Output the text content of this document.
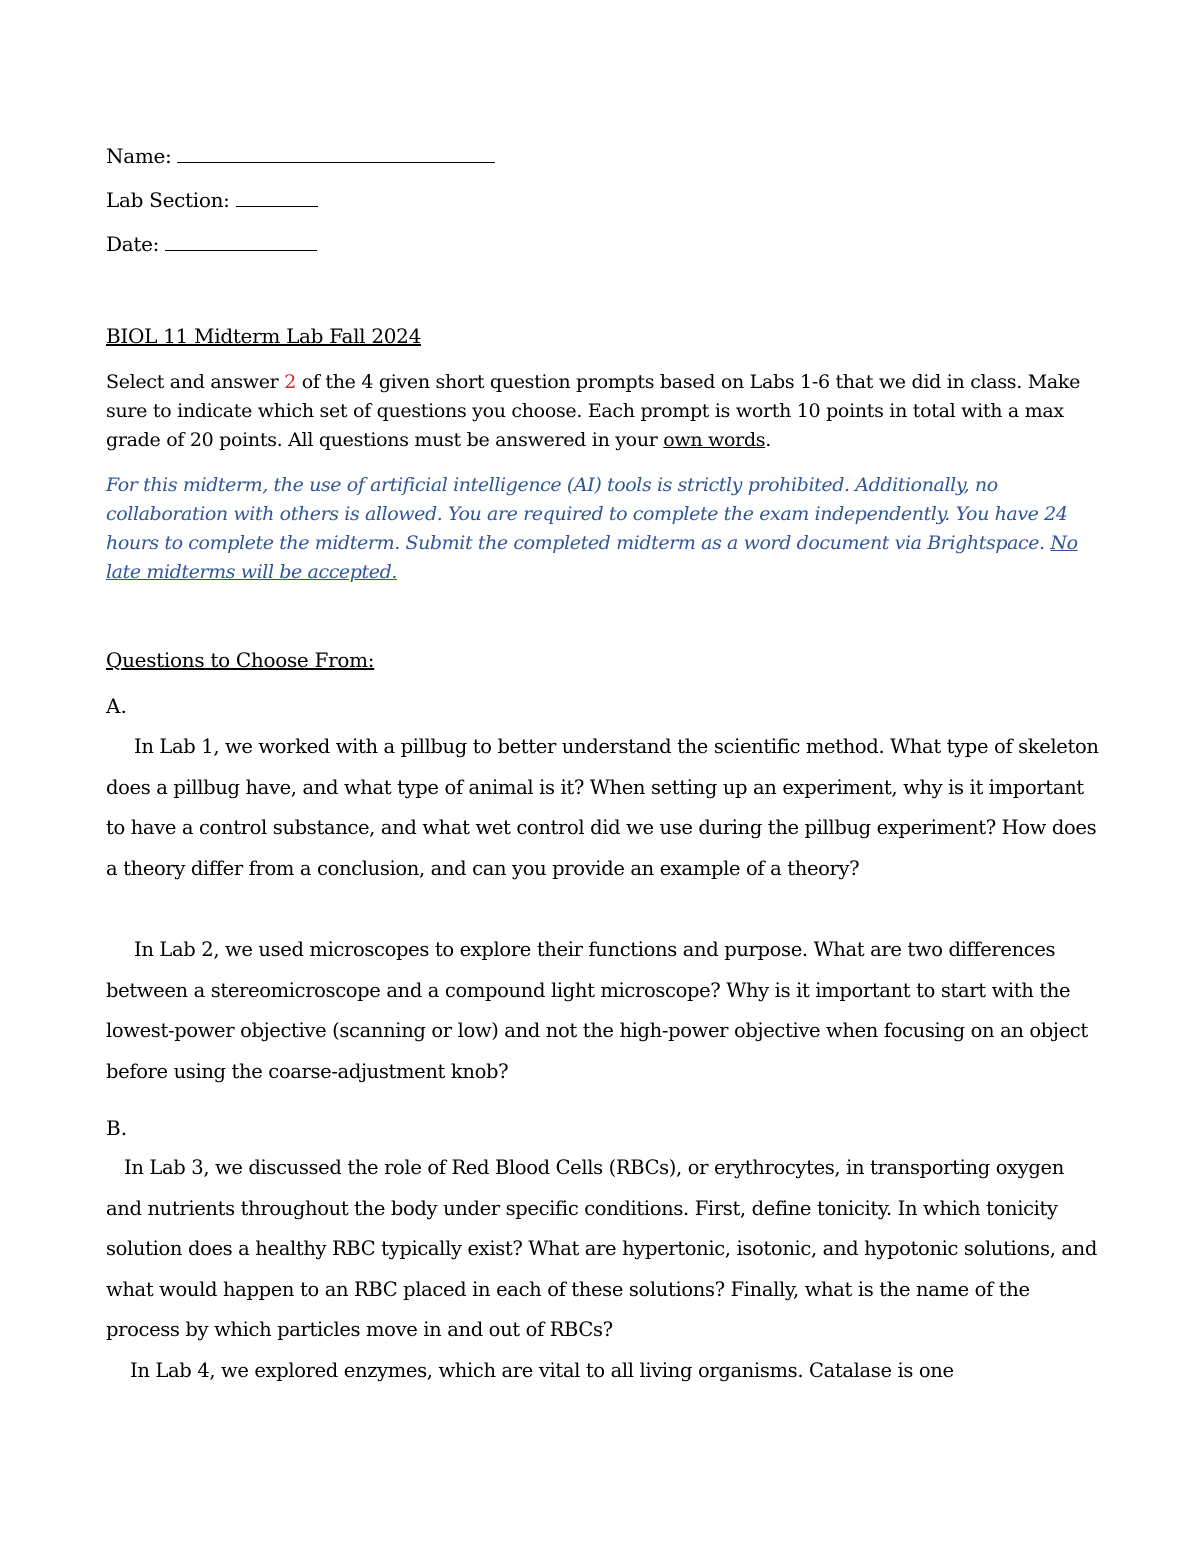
Name:
Lab Section:
Date:
BIOL 11 Midterm Lab Fall 2024
Select and answer 2 of the 4 given short question prompts based on Labs 1-6 that we did in class. Make sure to indicate which set of questions you choose. Each prompt is worth 10 points in total with a max grade of 20 points. All questions must be answered in your own words.
For this midterm, the use of artificial intelligence (AI) tools is strictly prohibited. Additionally, no collaboration with others is allowed. You are required to complete the exam independently. You have 24 hours to complete the midterm. Submit the completed midterm as a word document via Brightspace. No late midterms will be accepted.
Questions to Choose From:
A.
In Lab 1, we worked with a pillbug to better understand the scientific method. What type of skeleton does a pillbug have, and what type of animal is it? When setting up an experiment, why is it important to have a control substance, and what wet control did we use during the pillbug experiment? How does a theory differ from a conclusion, and can you provide an example of a theory?
In Lab 2, we used microscopes to explore their functions and purpose. What are two differences between a stereomicroscope and a compound light microscope? Why is it important to start with the lowest-power objective (scanning or low) and not the high-power objective when focusing on an object before using the coarse-adjustment knob?
B.
In Lab 3, we discussed the role of Red Blood Cells (RBCs), or erythrocytes, in transporting oxygen and nutrients throughout the body under specific conditions. First, define tonicity. In which tonicity solution does a healthy RBC typically exist? What are hypertonic, isotonic, and hypotonic solutions, and what would happen to an RBC placed in each of these solutions? Finally, what is the name of the process by which particles move in and out of RBCs?
In Lab 4, we explored enzymes, which are vital to all living organisms. Catalase is one
